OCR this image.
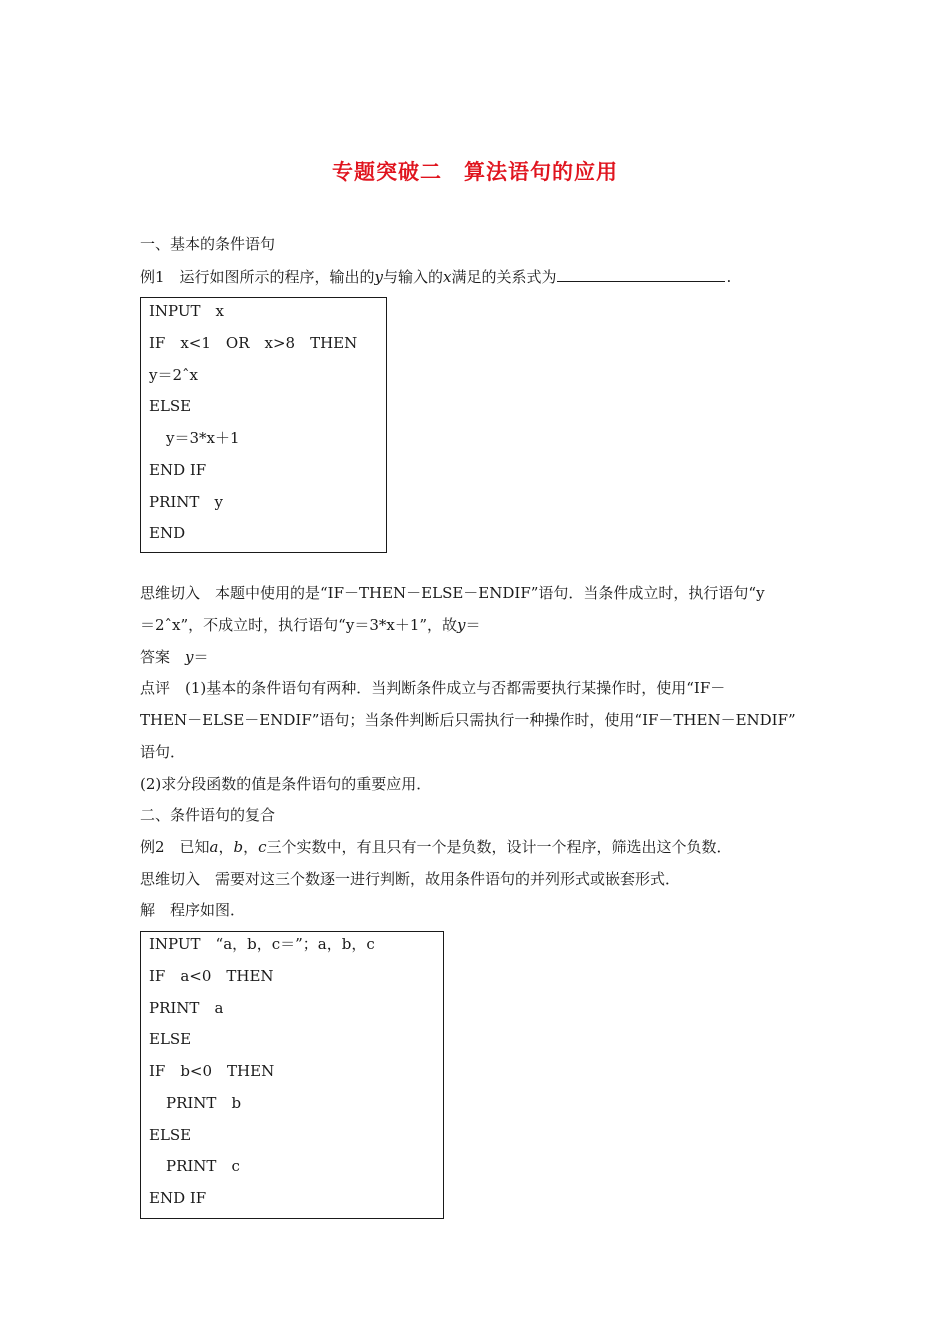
专题突破二 算法语句的应用
一、基本的条件语句
例1　运行如图所示的程序，输出的y与输入的x满足的关系式为	.
INPUT　x
IF　x<1　OR　x>8　THEN
y＝2ˆx
ELSE
y＝3*x＋1
END IF
PRINT　y
END
思维切入　本题中使用的是“IF－THEN－ELSE－ENDIF”语句．当条件成立时，执行语句“y
＝2ˆx”，不成立时，执行语句“y＝3*x＋1”，故y＝
答案　y＝
点评　(1)基本的条件语句有两种．当判断条件成立与否都需要执行某操作时，使用“IF－
THEN－ELSE－ENDIF”语句；当条件判断后只需执行一种操作时，使用“IF－THEN－ENDIF”
语句．
(2)求分段函数的值是条件语句的重要应用．
二、条件语句的复合
例2　已知a，b，c三个实数中，有且只有一个是负数，设计一个程序，筛选出这个负数．
思维切入　需要对这三个数逐一进行判断，故用条件语句的并列形式或嵌套形式．
解　程序如图．
INPUT　“a，b，c＝”；a，b，c
IF　a<0　THEN
PRINT　a
ELSE
IF　b<0　THEN
PRINT　b
ELSE
PRINT　c
END IF
